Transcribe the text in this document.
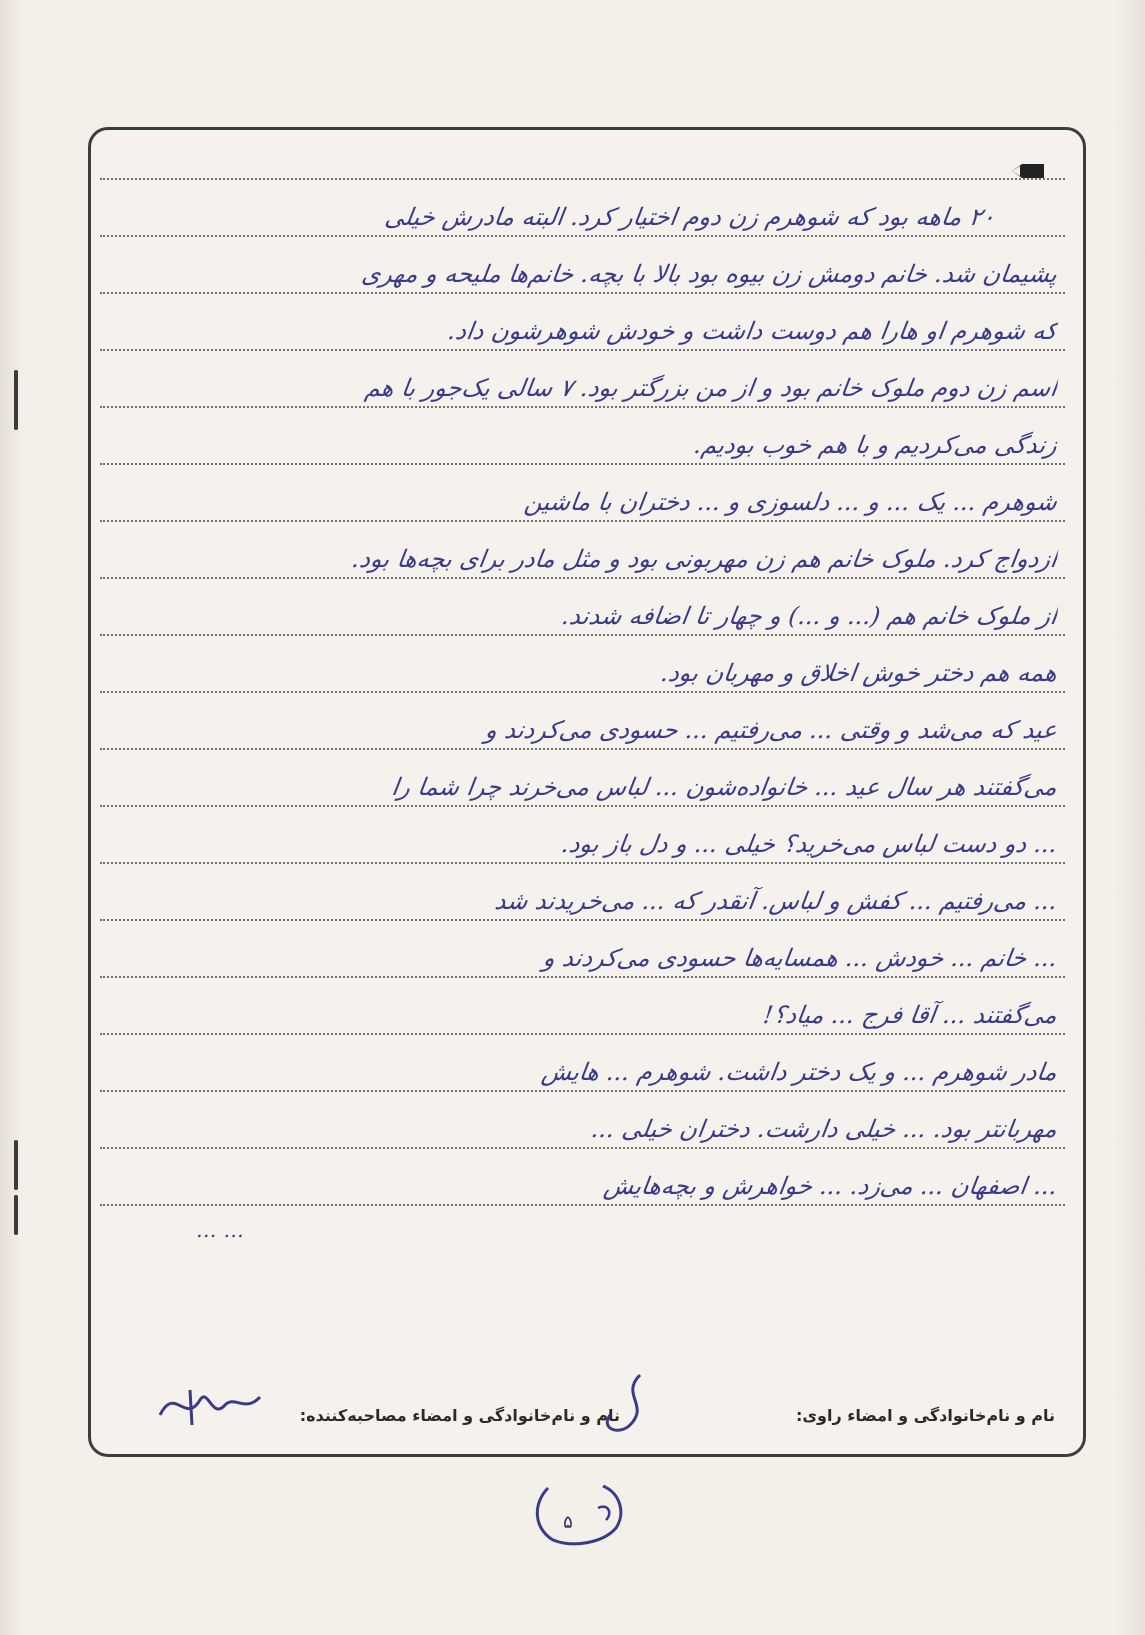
۲۰ ماهه بود که شوهرم زن دوم اختیار کرد. البته مادرش خیلی
پشیمان شد. خانم دومش زن بیوه بود بالا با بچه. خانم‌ها ملیحه و مهری
که شوهرم او هارا هم دوست داشت و خودش شوهرشون داد.
اسم زن دوم ملوک خانم بود و از من بزرگتر بود. ۷ سالی یک‌جور با هم
زندگی می‌کردیم و با هم خوب بودیم.
شوهرم ... یک ... و ... دلسوزی و ... دختران با ماشین
ازدواج کرد. ملوک خانم هم زن مهربونی بود و مثل مادر برای بچه‌ها بود.
از ملوک خانم هم (... و ...) و چهار تا اضافه شدند.
همه هم دختر خوش اخلاق و مهربان بود.
عید که می‌شد و وقتی ... می‌رفتیم ... حسودی می‌کردند و
می‌گفتند هر سال عید ... خانواده‌شون ... لباس می‌خرند چرا شما را
... دو دست لباس می‌خرید؟ خیلی ... و دل باز بود.
... می‌رفتیم ... کفش و لباس. آنقدر که ... می‌خریدند شد
... خانم ... خودش ... همسایه‌ها حسودی می‌کردند و
می‌گفتند ... آقا فرج ... میاد؟!
مادر شوهرم ... و یک دختر داشت. شوهرم ... هایش
مهربانتر بود. ... خیلی دارشت. دختران خیلی ...
... اصفهان ... می‌زد. ... خواهرش و بچه‌هایش
... ...
نام و نام‌خانوادگی و امضاء راوی:
نام و نام‌خانوادگی و امضاء مصاحبه‌کننده:
۵
